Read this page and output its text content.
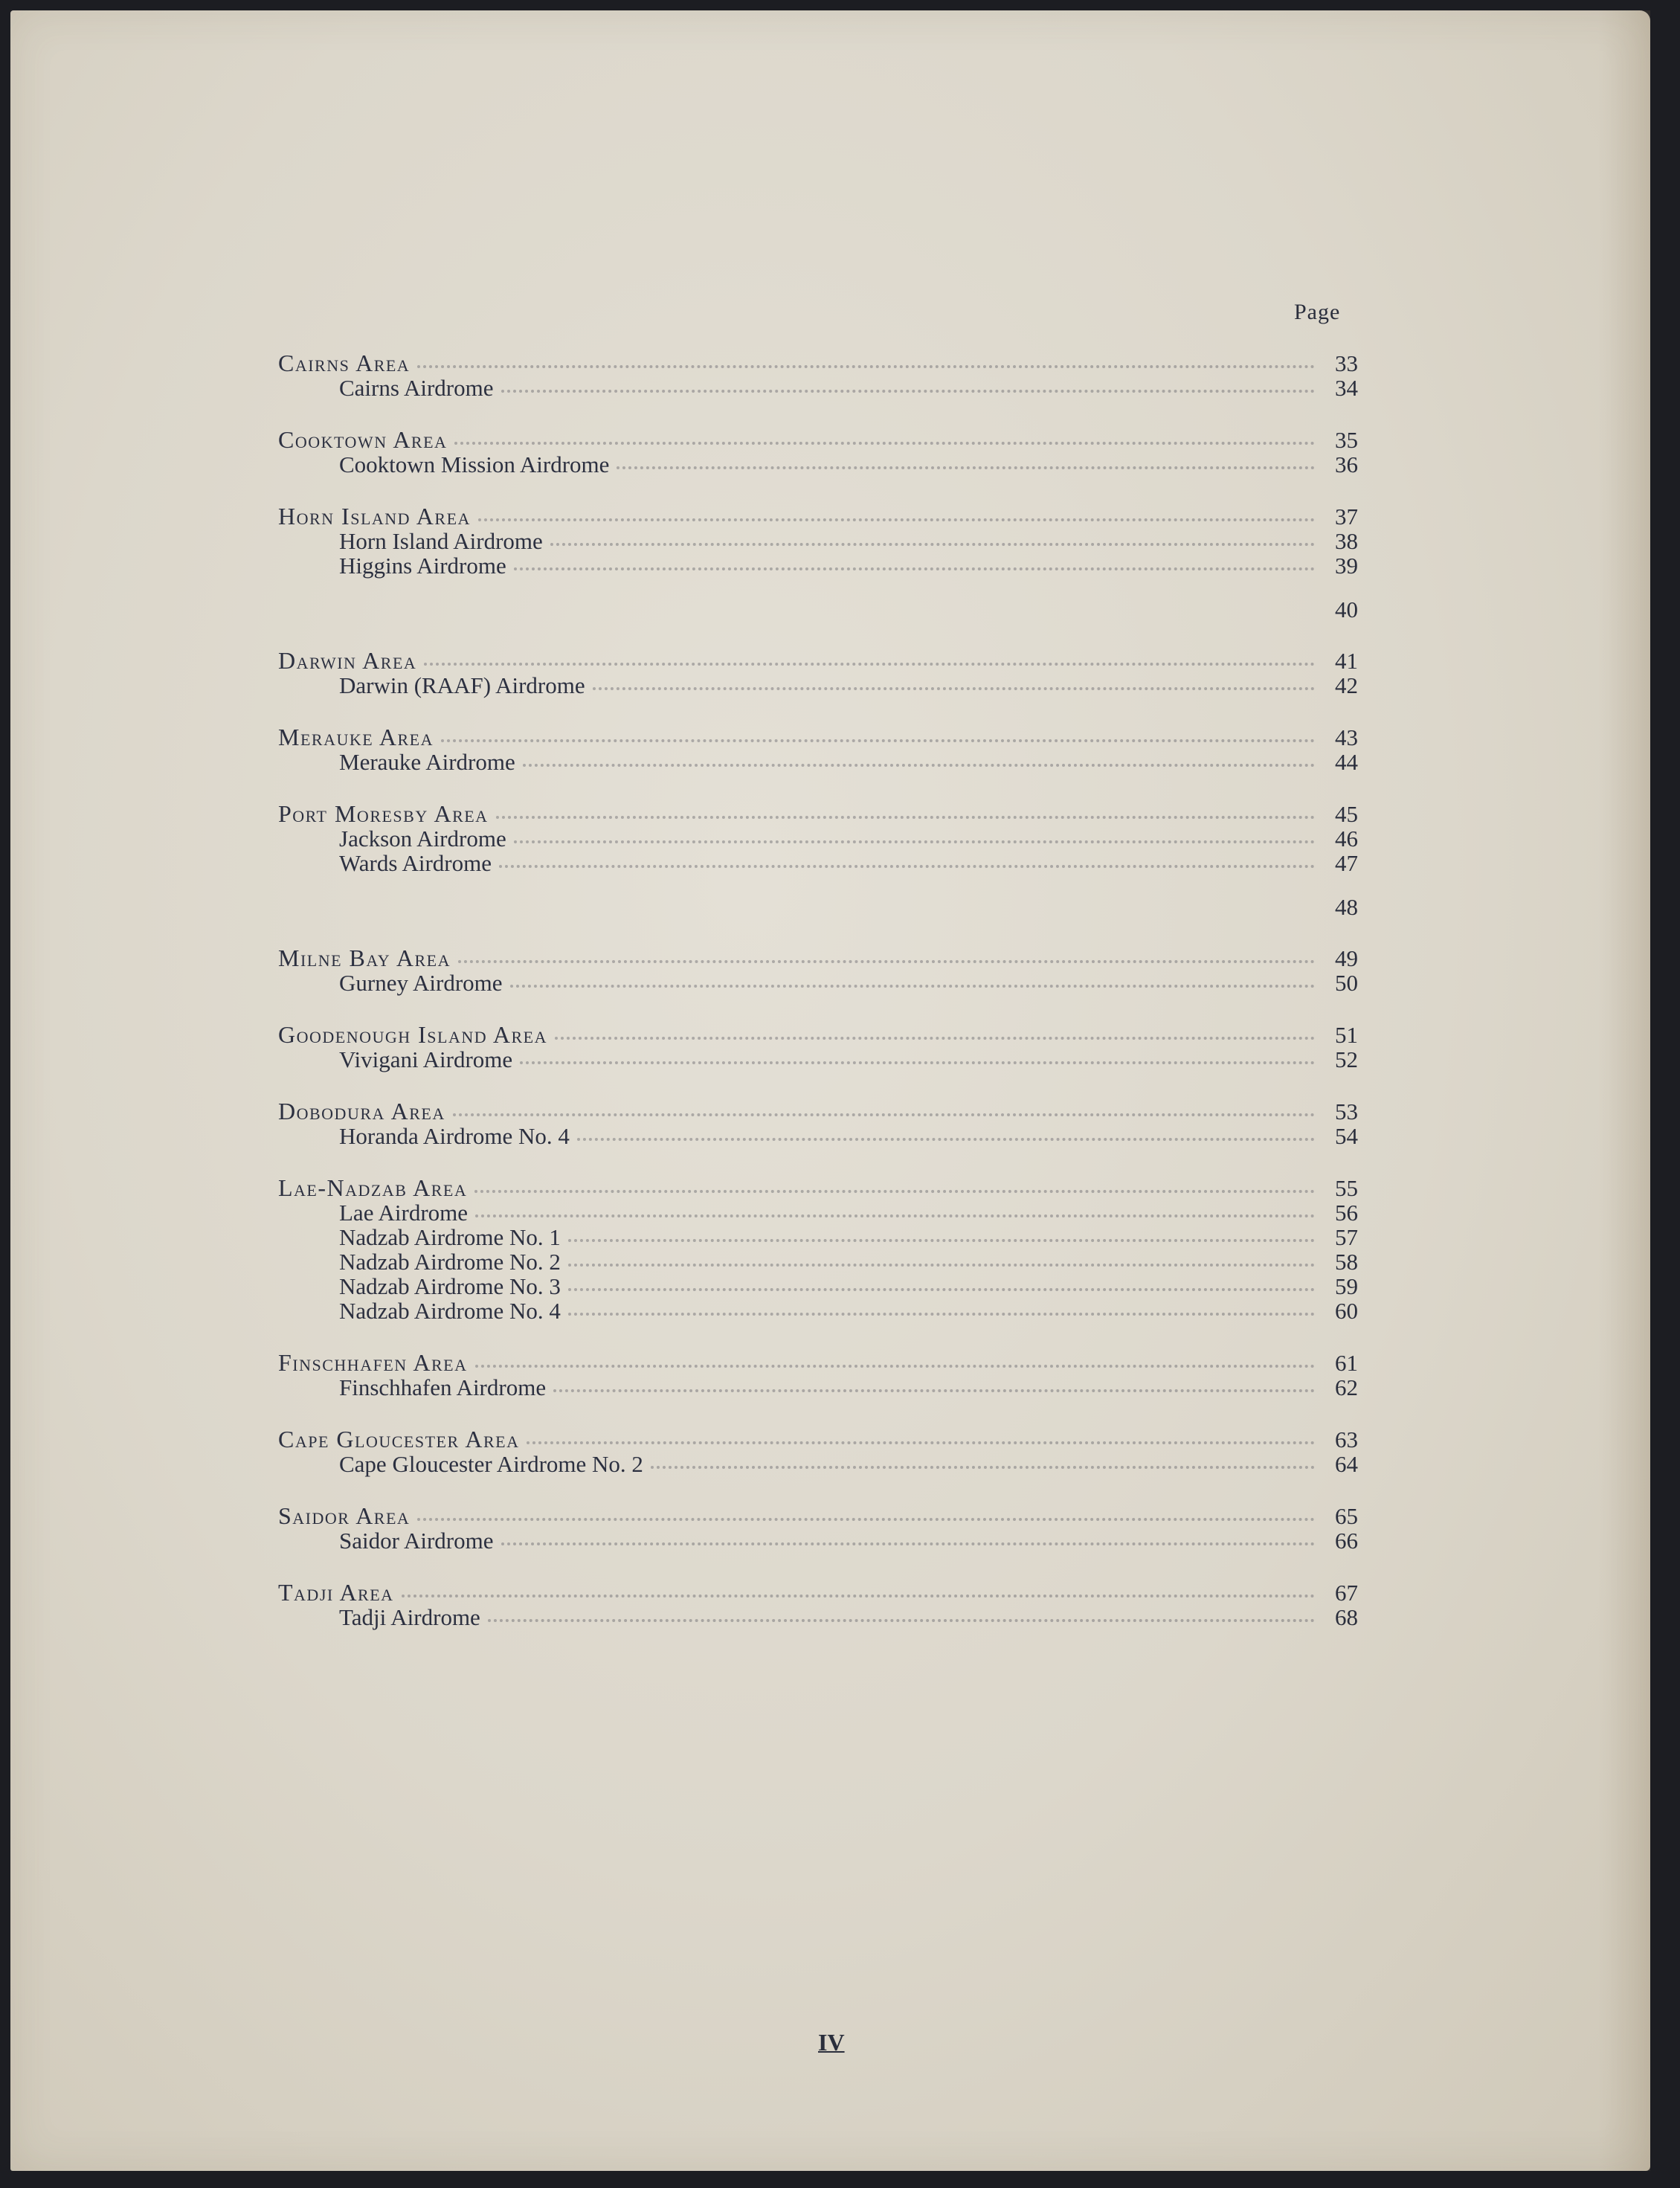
Page
Cairns Area	33
Cairns Airdrome	34
Cooktown Area	35
Cooktown Mission Airdrome	36
Horn Island Area	37
Horn Island Airdrome	38
Higgins Airdrome	39
40
Darwin Area	41
Darwin (RAAF) Airdrome	42
Merauke Area	43
Merauke Airdrome	44
Port Moresby Area	45
Jackson Airdrome	46
Wards Airdrome	47
48
Milne Bay Area	49
Gurney Airdrome	50
Goodenough Island Area	51
Vivigani Airdrome	52
Dobodura Area	53
Horanda Airdrome No. 4	54
Lae-Nadzab Area	55
Lae Airdrome	56
Nadzab Airdrome No. 1	57
Nadzab Airdrome No. 2	58
Nadzab Airdrome No. 3	59
Nadzab Airdrome No. 4	60
Finschhafen Area	61
Finschhafen Airdrome	62
Cape Gloucester Area	63
Cape Gloucester Airdrome No. 2	64
Saidor Area	65
Saidor Airdrome	66
Tadji Area	67
Tadji Airdrome	68
IV
